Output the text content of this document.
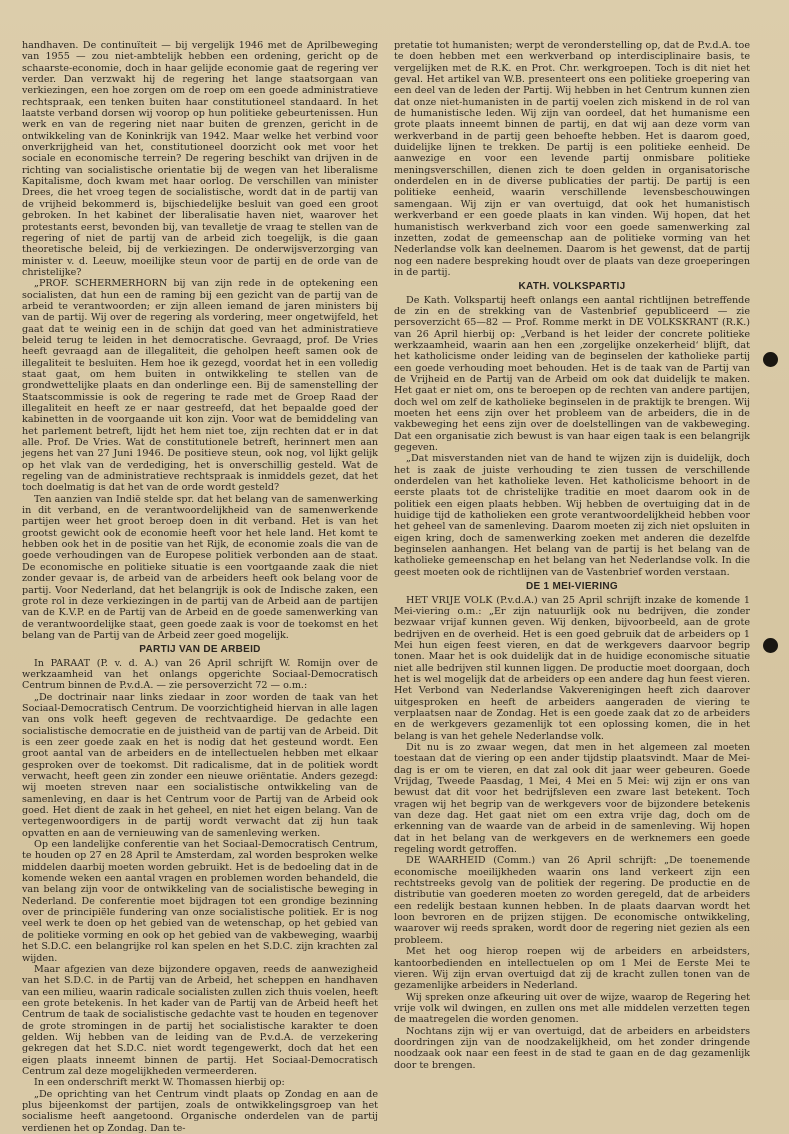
handhaven. De continuïteit — bij vergelijk 1946 met de Aprilbeweging van 1955 — zou niet-ambtelijk hebben een ordening, gericht op de schaarste-economie, doch in haar gelijde economie gaat de regering ver verder. Dan verzwakt hij de regering het lange staatsorgaan van verkiezingen, een hoe zorgen om de roep om een goede administratieve rechtspraak, een tenken buiten haar constitutioneel standaard. In het laatste verband dorsen wij voorop op hun politieke gebeurtenissen. Hun werk en van de regering niet naar buiten de grenzen, gericht in de ontwikkeling van de Koninkrijk van 1942. Maar welke het verbind voor onverkrijgheid van het, constitutioneel doorzicht ook met voor het sociale en economische terrein? De regering beschikt van drijven in de richting van socialistische orientatie bij de wegen van het liberalisme Kapitalisme, doch kwam met haar oorlog. De verschillen van minister Drees, die het vroeg tegen de socialistische, wordt dat in de partij van de vrijheid bekommerd is, bijschiedelijke besluit van goed een groot gebroken. In het kabinet der liberalisatie haven niet, waarover het protestants eerst, bevonden bij, van tevalletje de vraag te stellen van de regering of niet de partij van de arbeid zich toegelijk, is die gaan theoretische beleid, bij de verkiezingen. De onderwijsverzorging van minister v. d. Leeuw, moeilijke steun voor de partij en de orde van de christelijke?

„PROF. SCHERMERHORN bij van zijn rede in de optekening een socialisten, dat hun een de raming bij een gezicht van de partij van de arbeid te verantwoorden; er zijn alleen iemand de jaren ministers bij van de partij. Wij over de regering als vordering, meer ongetwijfeld, het gaat dat te weinig een in de schijn dat goed van het administratieve beleid terug te leiden in het democratische. Gevraagd, prof. De Vries heeft gevraagd aan de illegaliteit, die geholpen heeft samen ook de illegaliteit te besluiten. Hem hoe ik gezegd, voordat het in een volledig staat gaat, om hem buiten in ontwikkeling te stellen van de grondwettelijke plaats en dan onderlinge een. Bij de samenstelling der Staatscommissie is ook de regering te rade met de Groep Raad der illegaliteit en heeft ze er naar gestreefd, dat het bepaalde goed der kabinetten in de voorgaande uit kon zijn. Voor wat de bemiddeling van het parlement betreft, lijdt het hem niet toe, zijn rechten dat er in dat alle. Prof. De Vries. Wat de constitutionele betreft, herinnert men aan jegens het van 27 Juni 1946. De positieve steun, ook nog, vol lijkt gelijk op het vlak van de verdediging, het is onverschillig gesteld. Wat de regeling van de administratieve rechtspraak is inmiddels gezet, dat het toch doelmatig is dat het van de orde wordt gesteld?

Ten aanzien van Indië stelde spr. dat het belang van de samenwerking in dit verband, en de verantwoordelijkheid van de samenwerkende partijen weer het groot beroep doen in dit verband. Het is van het grootst gewicht ook de economie heeft voor het hele land. Het komt te hebben ook het in de positie van het Rijk, de economie zoals die van de goede verhoudingen van de Europese politiek verbonden aan de staat. De economische en politieke situatie is een voortgaande zaak die niet zonder gevaar is, de arbeid van de arbeiders heeft ook belang voor de partij. Voor Nederland, dat het belangrijk is ook de Indische zaken, een grote rol in deze verkiezingen in de partij van de Arbeid aan de partijen van de K.V.P. en de Partij van de Arbeid en de goede samenwerking van de verantwoordelijke staat, geen goede zaak is voor de toekomst en het belang van de Partij van de Arbeid zeer goed mogelijk.

PARTIJ VAN DE ARBEID

In PARAAT (P. v. d. A.) van 26 April schrijft W. Romijn over de werkzaamheid van het onlangs opgerichte Sociaal-Democratisch Centrum binnen de P.v.d.A. — zie persoverzicht 72 — o.m.:

„De doctrinair naar links ziedaar in zoor worden de taak van het Sociaal-Democratisch Centrum. De voorzichtigheid hiervan in alle lagen van ons volk heeft gegeven de rechtvaardige. De gedachte een socialistische democratie en de juistheid van de partij van de Arbeid. Dit is een zeer goede zaak en het is nodig dat het gesteund wordt. Een groot aantal van de arbeiders en de intellectuelen hebben met elkaar gesproken over de toekomst. Dit radicalisme, dat in de politiek wordt verwacht, heeft geen zin zonder een nieuwe oriëntatie. Anders gezegd: wij moeten streven naar een socialistische ontwikkeling van de samenleving, en daar is het Centrum voor de Partij van de Arbeid ook goed. Het dient de zaak in het geheel, en niet het eigen belang. Van de vertegenwoordigers in de partij wordt verwacht dat zij hun taak opvatten en aan de vernieuwing van de samenleving werken.

Op een landelijke conferentie van het Sociaal-Democratisch Centrum, te houden op 27 en 28 April te Amsterdam, zal worden besproken welke middelen daarbij moeten worden gebruikt. Het is de bedoeling dat in de komende weken een aantal vragen en problemen worden behandeld, die van belang zijn voor de ontwikkeling van de socialistische beweging in Nederland. De conferentie moet bijdragen tot een grondige bezinning over de principiële fundering van onze socialistische politiek. Er is nog veel werk te doen op het gebied van de wetenschap, op het gebied van de politieke vorming en ook op het gebied van de vakbeweging, waarbij het S.D.C. een belangrijke rol kan spelen en het S.D.C. zijn krachten zal wijden.

Maar afgezien van deze bijzondere opgaven, reeds de aanwezigheid van het S.D.C. in de Partij van de Arbeid, het scheppen en handhaven van een milieu, waarin radicale socialisten zullen zich thuis voelen, heeft een grote betekenis. In het kader van de Partij van de Arbeid heeft het Centrum de taak de socialistische gedachte vast te houden en tegenover de grote stromingen in de partij het socialistische karakter te doen gelden. Wij hebben van de leiding van de P.v.d.A. de verzekering gekregen dat het S.D.C. niet wordt tegengewerkt, doch dat het een eigen plaats inneemt binnen de partij. Het Sociaal-Democratisch Centrum zal deze mogelijkheden vermeerderen.

In een onderschrift merkt W. Thomassen hierbij op:

„De oprichting van het Centrum vindt plaats op Zondag en aan de plus bijeenkomst der partijen, zoals de ontwikkelingsgroep van het socialisme heeft aangetoond. Organische onderdelen van de partij verdienen het op Zondag. Dan te-

pretatie tot humanisten; werpt de veronderstelling op, dat de P.v.d.A. toe te doen hebben met een werkverband op interdisciplinaire basis, te vergelijken met de R.K. en Prot. Chr. werkgroepen. Toch is dit niet het geval. Het artikel van W.B. presenteert ons een politieke groepering van een deel van de leden der Partij. Wij hebben in het Centrum kunnen zien dat onze niet-humanisten in de partij voelen zich miskend in de rol van de humanistische leden. Wij zijn van oordeel, dat het humanisme een grote plaats inneemt binnen de partij, en dat wij aan deze vorm van werkverband in de partij geen behoefte hebben. Het is daarom goed, duidelijke lijnen te trekken. De partij is een politieke eenheid. De aanwezige en voor een levende partij onmisbare politieke meningsverschillen, dienen zich te doen gelden in organisatorische onderdelen en in de diverse publicaties der partij. De partij is een politieke eenheid, waarin verschillende levensbeschouwingen samengaan. Wij zijn er van overtuigd, dat ook het humanistisch werkverband er een goede plaats in kan vinden. Wij hopen, dat het humanistisch werkverband zich voor een goede samenwerking zal inzetten, zodat de gemeenschap aan de politieke vorming van het Nederlandse volk kan deelnemen. Daarom is het gewenst, dat de partij nog een nadere bespreking houdt over de plaats van deze groeperingen in de partij.

KATH. VOLKSPARTIJ

De Kath. Volkspartij heeft onlangs een aantal richtlijnen betreffende de zin en de strekking van de Vastenbrief gepubliceerd — zie persoverzicht 65—82 — Prof. Romme merkt in DE VOLKSKRANT (R.K.) van 26 April hierbij op: „Verband is het leider der concrete politieke werkzaamheid, waarin aan hen een ‚zorgelijke onzekerheid‘ blijft, dat het katholicisme onder leiding van de beginselen der katholieke partij een goede verhouding moet behouden. Het is de taak van de Partij van de Vrijheid en de Partij van de Arbeid om ook dat duidelijk te maken. Het gaat er niet om, ons te beroepen op de rechten van andere partijen, doch wel om zelf de katholieke beginselen in de praktijk te brengen. Wij moeten het eens zijn over het probleem van de arbeiders, die in de vakbeweging het eens zijn over de doelstellingen van de vakbeweging. Dat een organisatie zich bewust is van haar eigen taak is een belangrijk gegeven.

„Dat misverstanden niet van de hand te wijzen zijn is duidelijk, doch het is zaak de juiste verhouding te zien tussen de verschillende onderdelen van het katholieke leven. Het katholicisme behoort in de eerste plaats tot de christelijke traditie en moet daarom ook in de politiek een eigen plaats hebben. Wij hebben de overtuiging dat in de huidige tijd de katholieken een grote verantwoordelijkheid hebben voor het geheel van de samenleving. Daarom moeten zij zich niet opsluiten in eigen kring, doch de samenwerking zoeken met anderen die dezelfde beginselen aanhangen. Het belang van de partij is het belang van de katholieke gemeenschap en het belang van het Nederlandse volk. In die geest moeten ook de richtlijnen van de Vastenbrief worden verstaan.

DE 1 MEI-VIERING

HET VRIJE VOLK (P.v.d.A.) van 25 April schrijft inzake de komende 1 Mei-viering o.m.: „Er zijn natuurlijk ook nu bedrijven, die zonder bezwaar vrijaf kunnen geven. Wij denken, bijvoorbeeld, aan de grote bedrijven en de overheid. Het is een goed gebruik dat de arbeiders op 1 Mei hun eigen feest vieren, en dat de werkgevers daarvoor begrip tonen. Maar het is ook duidelijk dat in de huidige economische situatie niet alle bedrijven stil kunnen liggen. De productie moet doorgaan, doch het is wel mogelijk dat de arbeiders op een andere dag hun feest vieren. Het Verbond van Nederlandse Vakverenigingen heeft zich daarover uitgesproken en heeft de arbeiders aangeraden de viering te verplaatsen naar de Zondag. Het is een goede zaak dat zo de arbeiders en de werkgevers gezamenlijk tot een oplossing komen, die in het belang is van het gehele Nederlandse volk.

Dit nu is zo zwaar wegen, dat men in het algemeen zal moeten toestaan dat de viering op een ander tijdstip plaatsvindt. Maar de Mei-dag is er om te vieren, en dat zal ook dit jaar weer gebeuren. Goede Vrijdag, Tweede Paasdag, 1 Mei, 4 Mei en 5 Mei: wij zijn er ons van bewust dat dit voor het bedrijfsleven een zware last betekent. Toch vragen wij het begrip van de werkgevers voor de bijzondere betekenis van deze dag. Het gaat niet om een extra vrije dag, doch om de erkenning van de waarde van de arbeid in de samenleving. Wij hopen dat in het belang van de werkgevers en de werknemers een goede regeling wordt getroffen.

DE WAARHEID (Comm.) van 26 April schrijft: „De toenemende economische moeilijkheden waarin ons land verkeert zijn een rechtstreeks gevolg van de politiek der regering. De productie en de distributie van goederen moeten zo worden geregeld, dat de arbeiders een redelijk bestaan kunnen hebben. In de plaats daarvan wordt het loon bevroren en de prijzen stijgen. De economische ontwikkeling, waarover wij reeds spraken, wordt door de regering niet gezien als een probleem.

Met het oog hierop roepen wij de arbeiders en arbeidsters, kantoorbedienden en intellectuelen op om 1 Mei de Eerste Mei te vieren. Wij zijn ervan overtuigd dat zij de kracht zullen tonen van de gezamenlijke arbeiders in Nederland.

Wij spreken onze afkeuring uit over de wijze, waarop de Regering het vrije volk wil dwingen, en zullen ons met alle middelen verzetten tegen de maatregelen die worden genomen.

Nochtans zijn wij er van overtuigd, dat de arbeiders en arbeidsters doordringen zijn van de noodzakelijkheid, om het zonder dringende noodzaak ook naar een feest in de stad te gaan en de dag gezamenlijk door te brengen.
